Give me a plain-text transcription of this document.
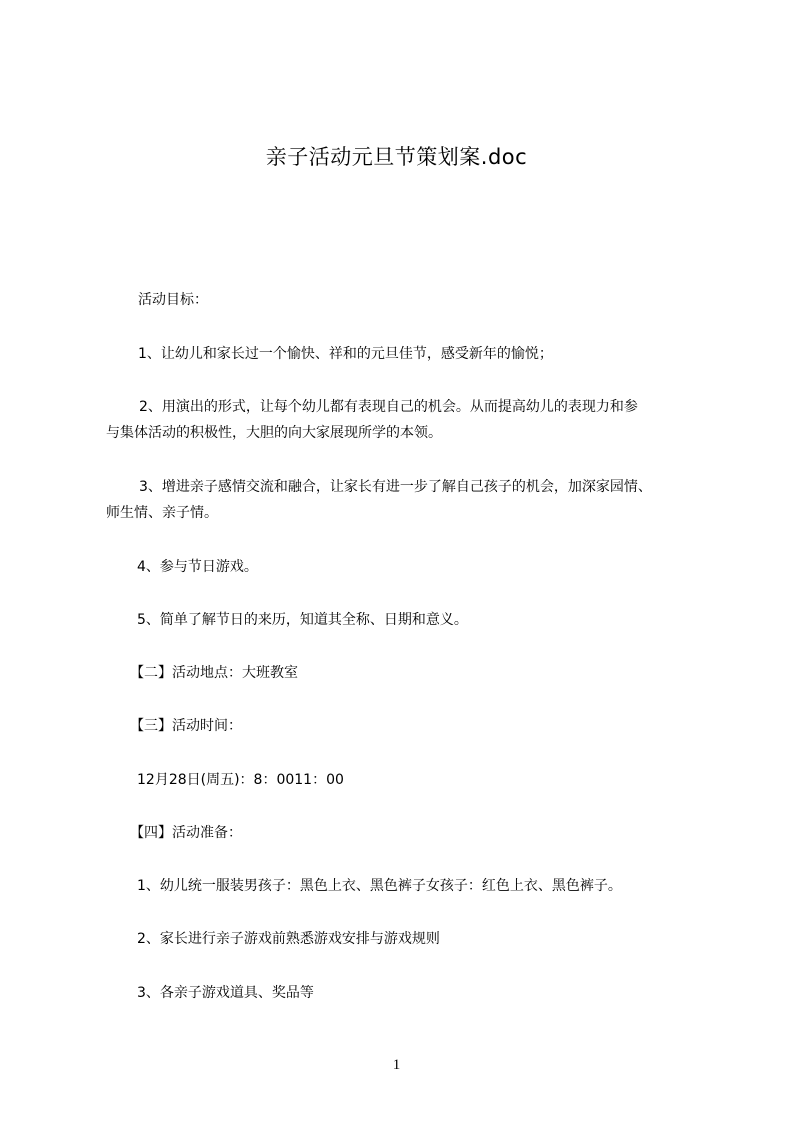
亲子活动元旦节策划案.doc

活动目标：

1、让幼儿和家长过一个愉快、祥和的元旦佳节，感受新年的愉悦；

2、用演出的形式，让每个幼儿都有表现自己的机会。从而提高幼儿的表现力和参
与集体活动的积极性，大胆的向大家展现所学的本领。

3、增进亲子感情交流和融合，让家长有进一步了解自己孩子的机会，加深家园情、
师生情、亲子情。

4、参与节日游戏。

5、简单了解节日的来历，知道其全称、日期和意义。

【二】活动地点：大班教室

【三】活动时间：

12月28日(周五)：8：0011：00

【四】活动准备：

1、幼儿统一服装男孩子：黑色上衣、黑色裤子女孩子：红色上衣、黑色裤子。

2、家长进行亲子游戏前熟悉游戏安排与游戏规则

3、各亲子游戏道具、奖品等

1
